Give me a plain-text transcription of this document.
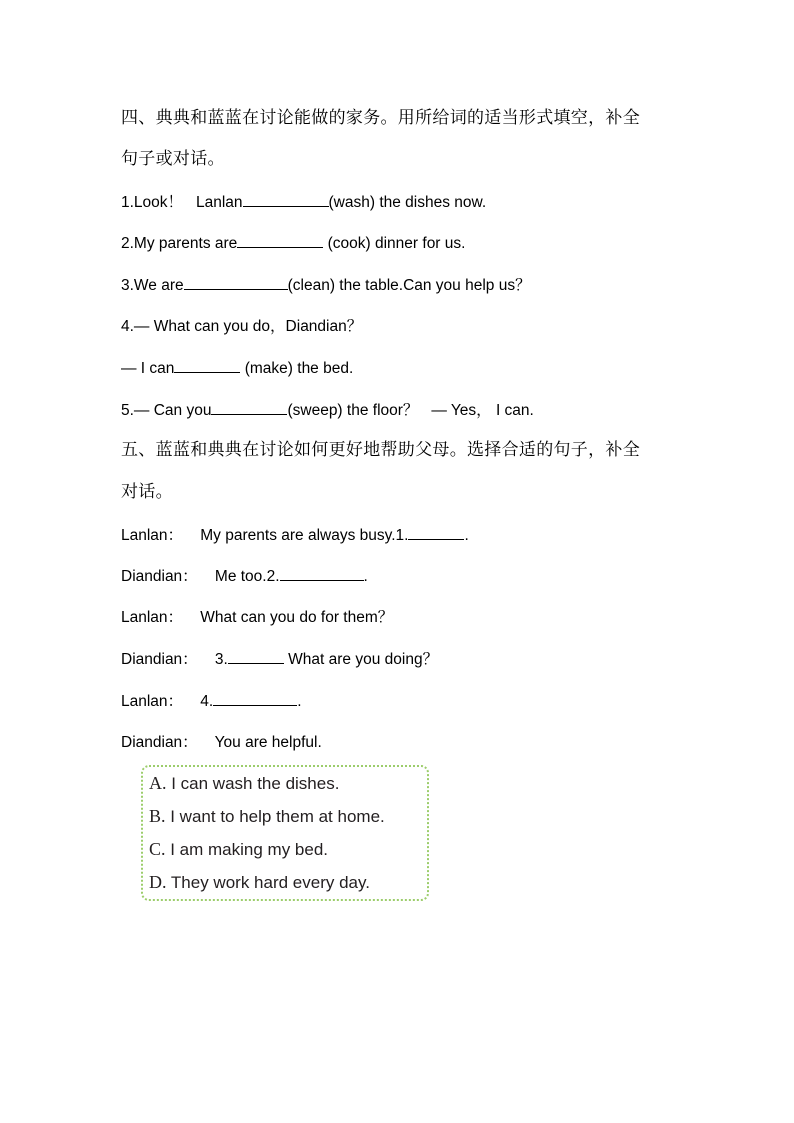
四、典典和蓝蓝在讨论能做的家务。用所给词的适当形式填空，补全

句子或对话。

1.Look！   Lanlan	(wash) the dishes now.

2.My parents are	(cook) dinner for us.

3.We are	(clean) the table.Can you help us？

4.— What can you do，Diandian？

— I can	(make) the bed.

5.— Can you	(sweep) the floor？   — Yes， I can.

五、蓝蓝和典典在讨论如何更好地帮助父母。选择合适的句子，补全

对话。

Lanlan：    My parents are always busy.1.	.

Diandian：    Me too.2.	.

Lanlan：    What can you do for them？

Diandian：    3.	What are you doing？

Lanlan：    4.	.

Diandian：    You are helpful.

A. I can wash the dishes.
B. I want to help them at home.
C. I am making my bed.
D. They work hard every day.
